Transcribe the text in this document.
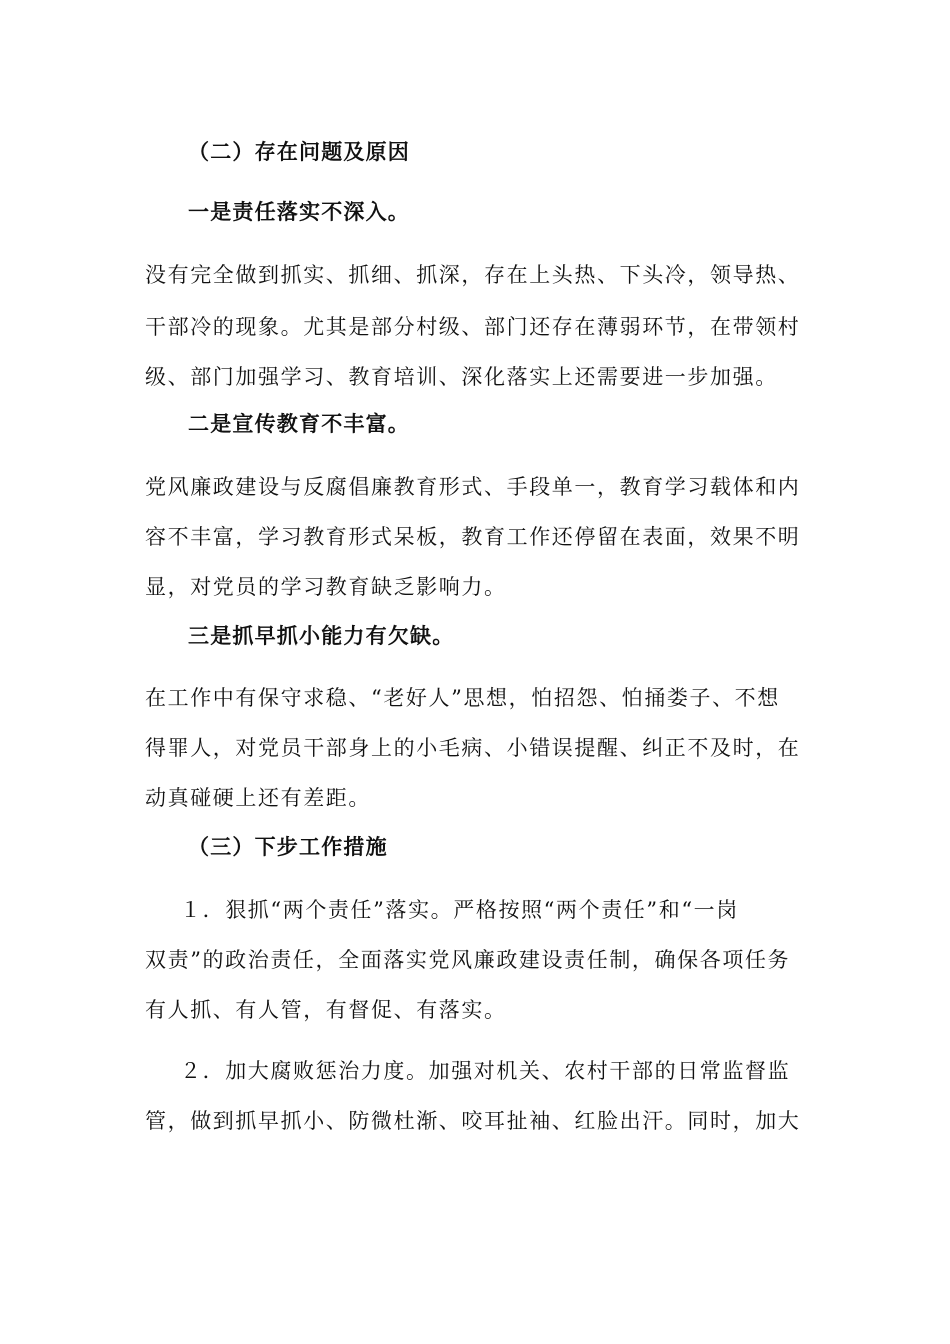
（二）存在问题及原因
一是责任落实不深入。
没有完全做到抓实、抓细、抓深，存在上头热、下头冷，领导热、
干部冷的现象。尤其是部分村级、部门还存在薄弱环节，在带领村
级、部门加强学习、教育培训、深化落实上还需要进一步加强。
二是宣传教育不丰富。
党风廉政建设与反腐倡廉教育形式、手段单一，教育学习载体和内
容不丰富，学习教育形式呆板，教育工作还停留在表面，效果不明
显，对党员的学习教育缺乏影响力。
三是抓早抓小能力有欠缺。
在工作中有保守求稳、“老好人”思想，怕招怨、怕捅娄子、不想
得罪人，对党员干部身上的小毛病、小错误提醒、纠正不及时，在
动真碰硬上还有差距。
（三）下步工作措施
１．狠抓“两个责任”落实。严格按照“两个责任”和“一岗
双责”的政治责任，全面落实党风廉政建设责任制，确保各项任务
有人抓、有人管，有督促、有落实。
２．加大腐败惩治力度。加强对机关、农村干部的日常监督监
管，做到抓早抓小、防微杜渐、咬耳扯袖、红脸出汗。同时，加大
